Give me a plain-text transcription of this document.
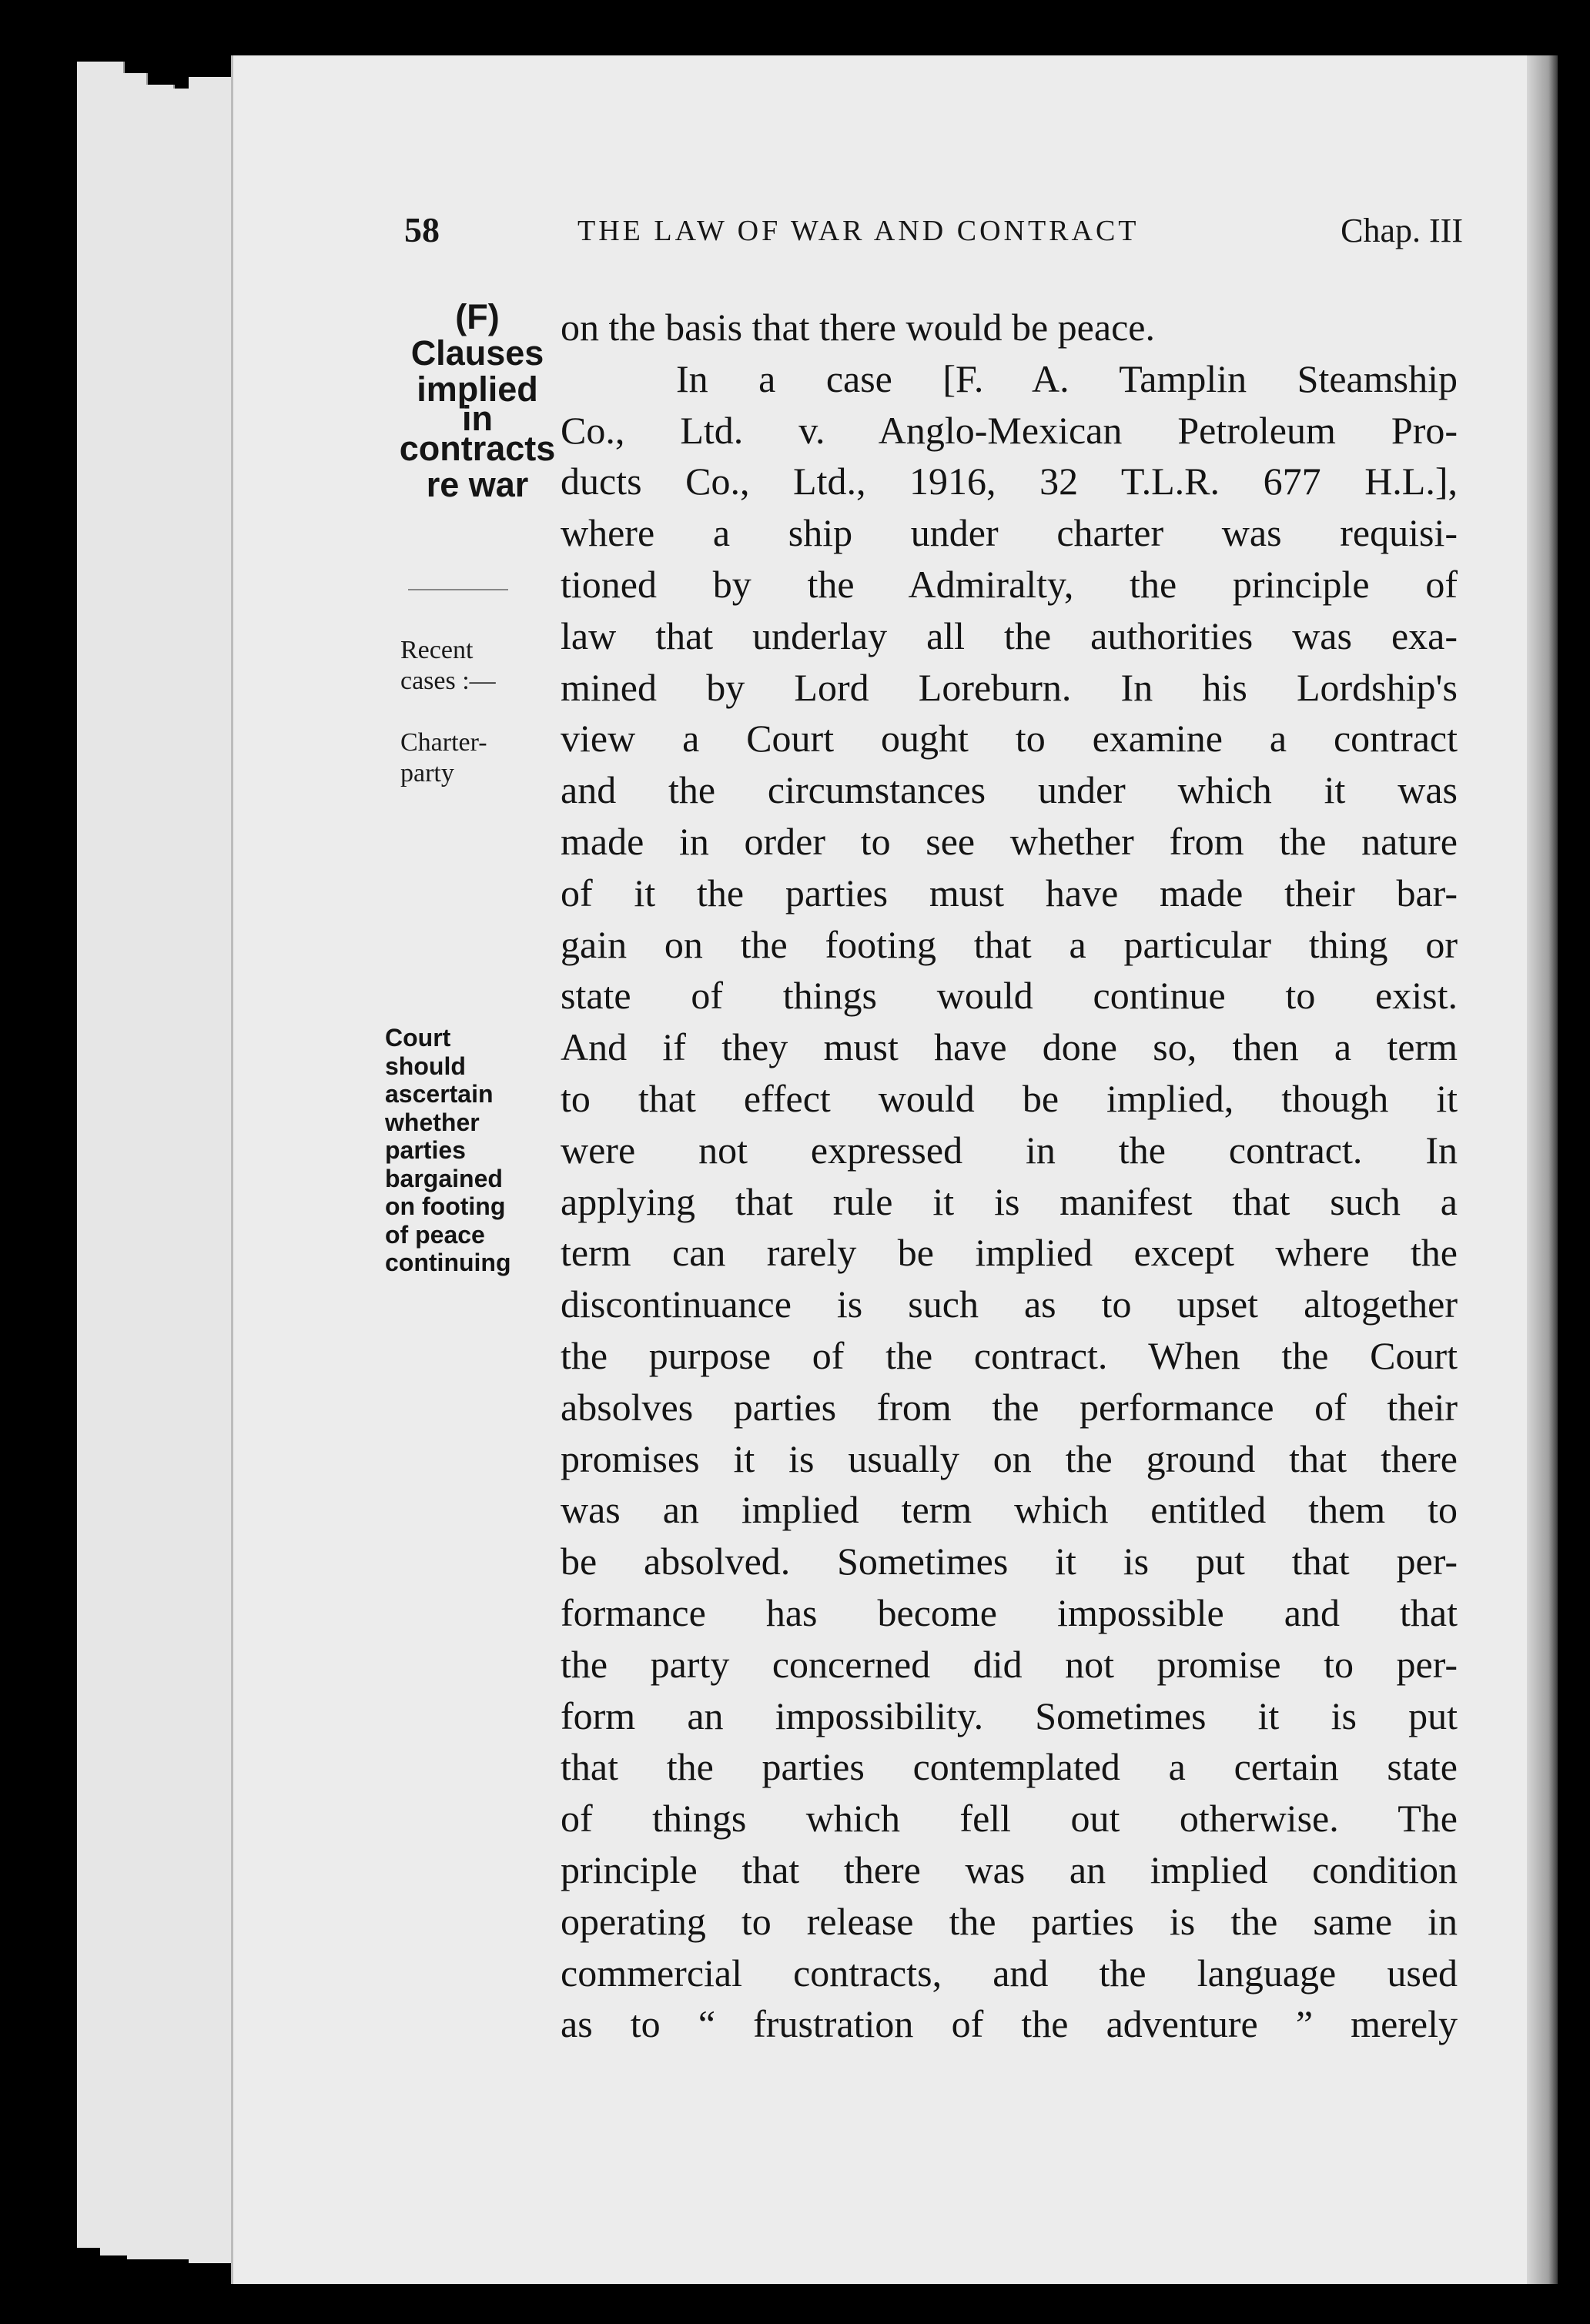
58	THE LAW OF WAR AND CONTRACT	Chap. III
(F)
Clauses
implied
in
contracts
re war
Recent
cases :—
Charter-
party
Court
should
ascertain
whether
parties
bargained
on footing
of peace
continuing
on the basis that there would be peace.
In a case [F. A. Tamplin Steamship
Co., Ltd. v. Anglo-Mexican Petroleum Pro-
ducts Co., Ltd., 1916, 32 T.L.R. 677 H.L.],
where a ship under charter was requisi-
tioned by the Admiralty, the principle of
law that underlay all the authorities was exa-
mined by Lord Loreburn. In his Lordship's
view a Court ought to examine a contract
and the circumstances under which it was
made in order to see whether from the nature
of it the parties must have made their bar-
gain on the footing that a particular thing or
state of things would continue to exist.
And if they must have done so, then a term
to that effect would be implied, though it
were not expressed in the contract. In
applying that rule it is manifest that such a
term can rarely be implied except where the
discontinuance is such as to upset altogether
the purpose of the contract. When the Court
absolves parties from the performance of their
promises it is usually on the ground that there
was an implied term which entitled them to
be absolved. Sometimes it is put that per-
formance has become impossible and that
the party concerned did not promise to per-
form an impossibility. Sometimes it is put
that the parties contemplated a certain state
of things which fell out otherwise. The
principle that there was an implied condition
operating to release the parties is the same in
commercial contracts, and the language used
as to “ frustration of the adventure ” merely
